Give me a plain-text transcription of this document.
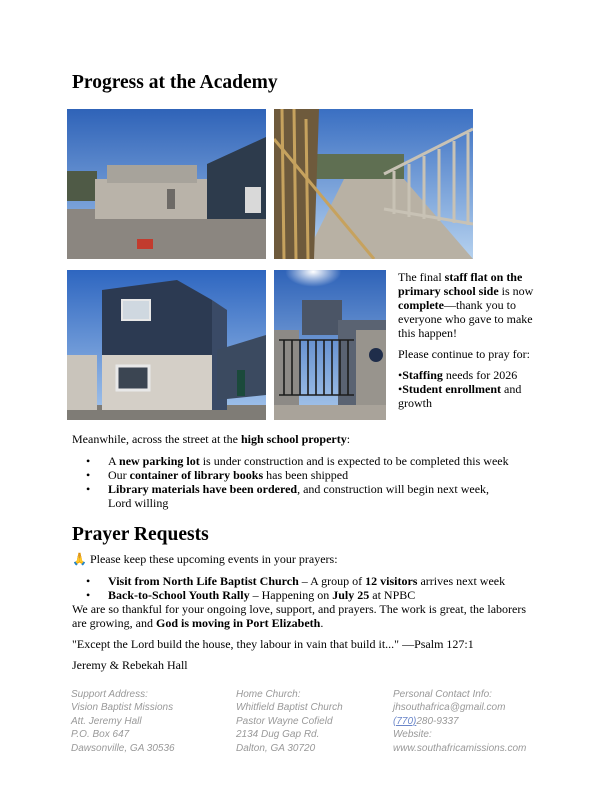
Progress at the Academy

The final staff flat on the primary school side is now complete—thank you to everyone who gave to make this happen!

Please continue to pray for:

•Staffing needs for 2026
•Student enrollment and growth
Meanwhile, across the street at the high school property:
• A new parking lot is under construction and is expected to be completed this week
• Our container of library books has been shipped
• Library materials have been ordered, and construction will begin next week, Lord willing
Prayer Requests
🙏 Please keep these upcoming events in your prayers:
• Visit from North Life Baptist Church – A group of 12 visitors arrives next week
• Back-to-School Youth Rally – Happening on July 25 at NPBC
We are so thankful for your ongoing love, support, and prayers. The work is great, the laborers are growing, and God is moving in Port Elizabeth.
"Except the Lord build the house, they labour in vain that build it..." —Psalm 127:1
Jeremy & Rebekah Hall
Support Address:
Vision Baptist Missions
Att. Jeremy Hall
P.O. Box 647
Dawsonville, GA 30536
Home Church:
Whitfield Baptist Church
Pastor Wayne Cofield
2134 Dug Gap Rd.
Dalton, GA 30720
Personal Contact Info:
jhsouthafrica@gmail.com
(770)280-9337
Website:
www.southafricamissions.com
